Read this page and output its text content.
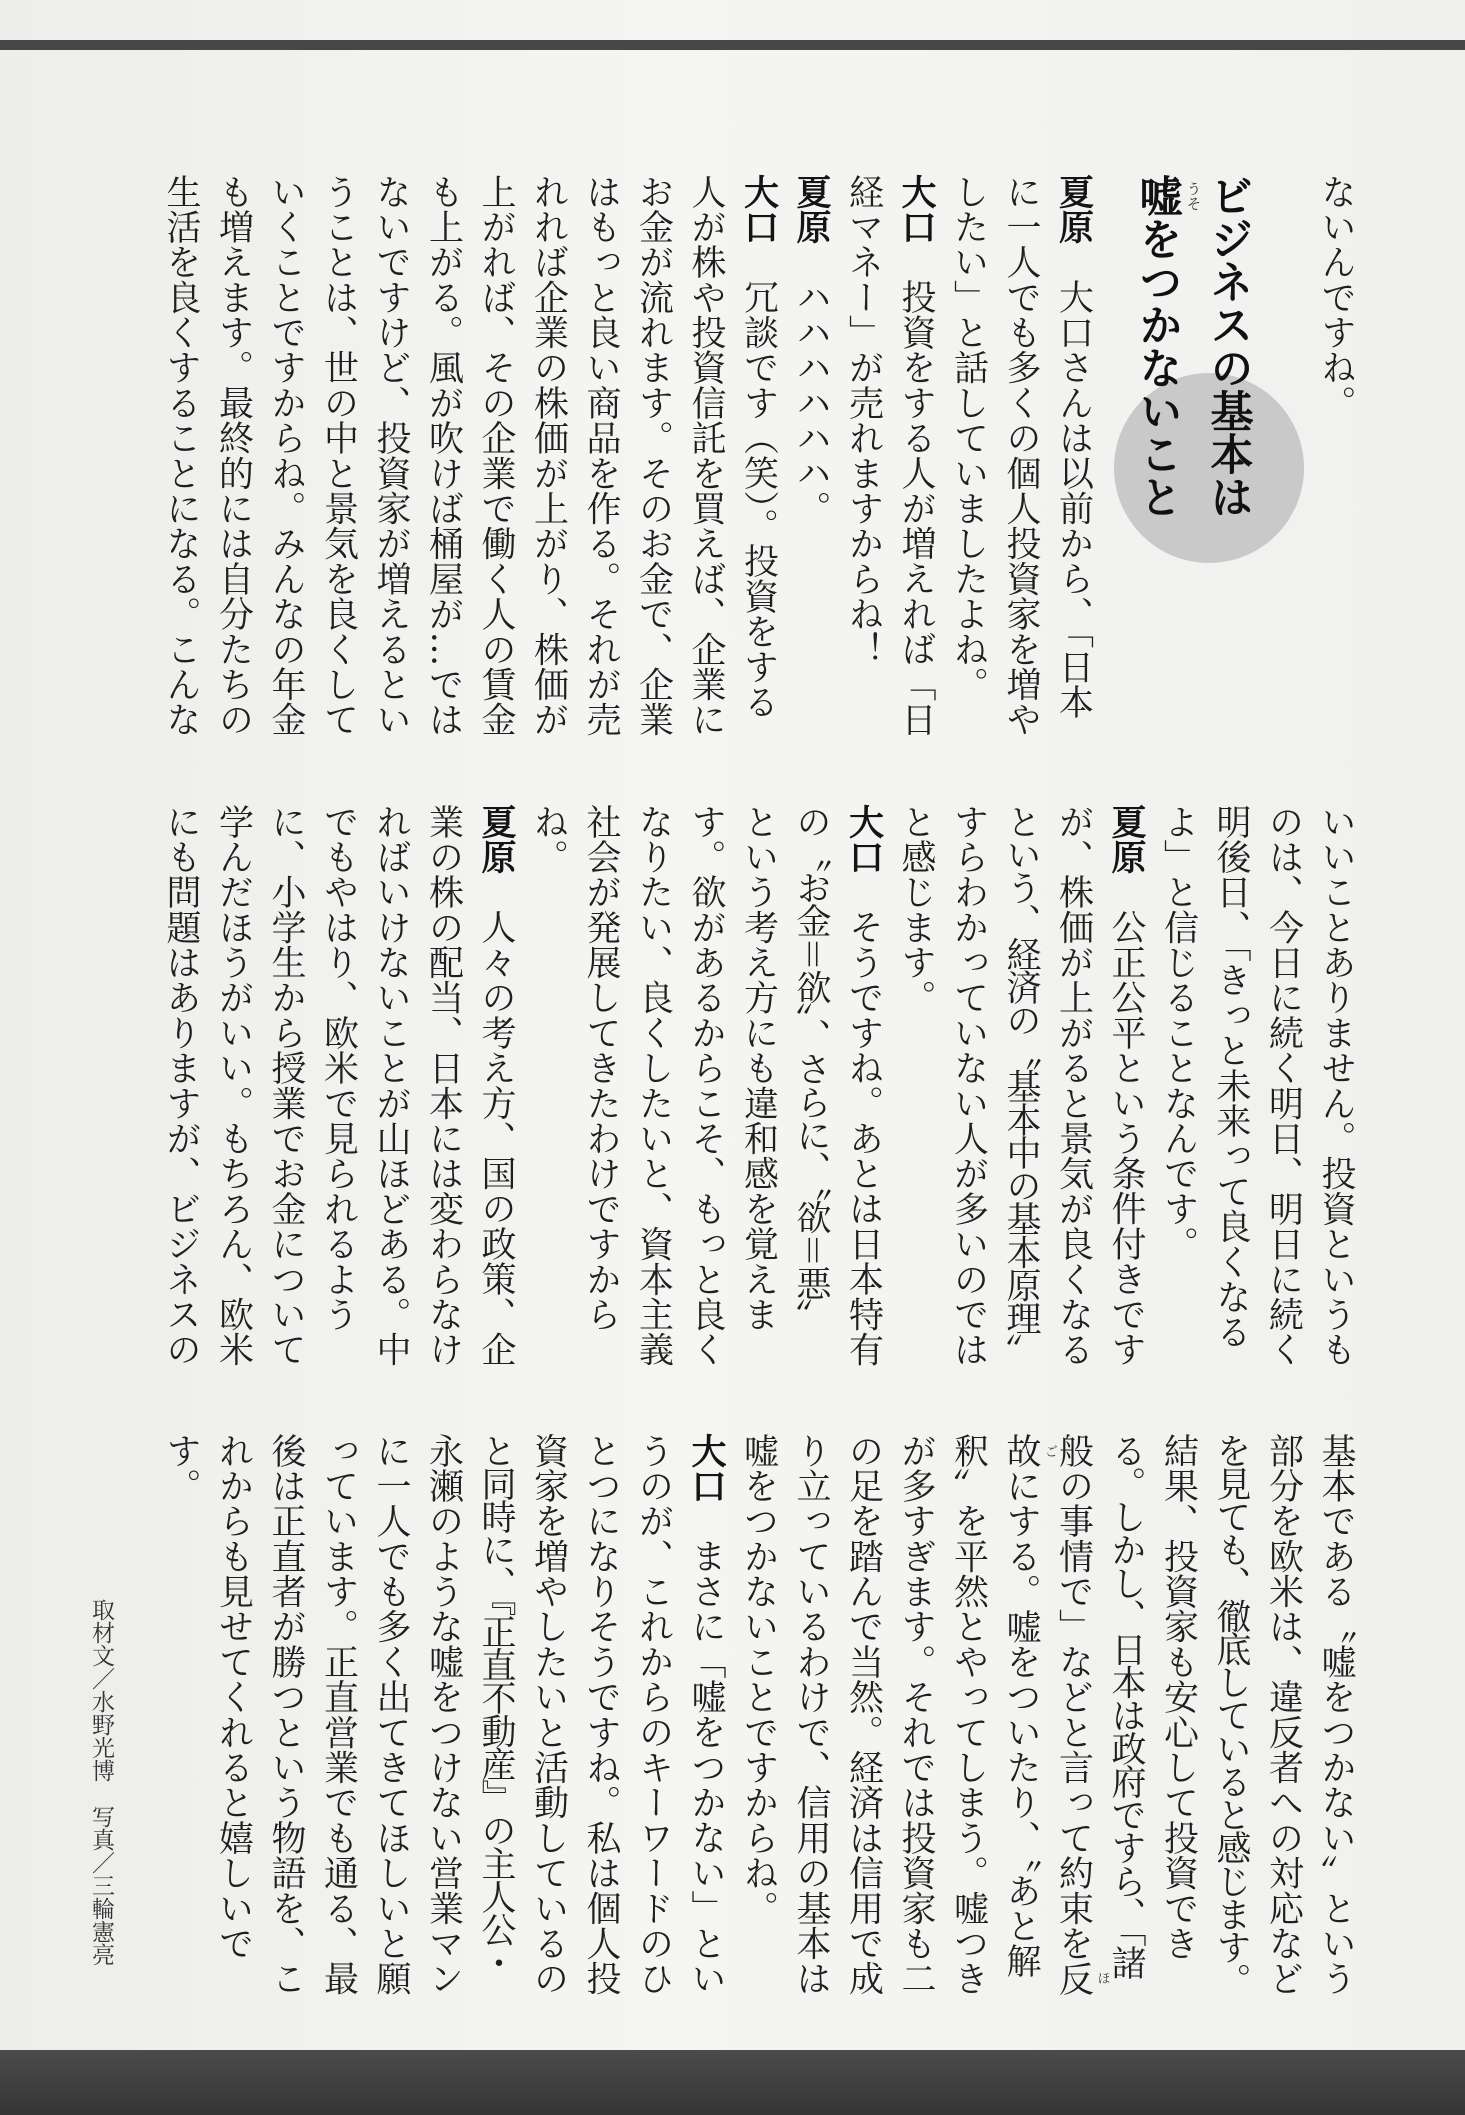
ないんですね。
ビジネスの基本は
嘘 うそ
をつかないこと
夏原大口さんは以前から、「日本
に一人でも多くの個人投資家を増や
したい」と話していましたよね。
大口投資をする人が増えれば「日
経マネー」が売れますからね！
夏原ハハハハハハ。
大口冗談です（笑）。投資をする
人が株や投資信託を買えば、企業に
お金が流れます。そのお金で、企業
はもっと良い商品を作る。それが売
れれば企業の株価が上がり、株価が
上がれば、その企業で働く人の賃金
も上がる。風が吹けば桶屋が…では
ないですけど、投資家が増えるとい
うことは、世の中と景気を良くして
いくことですからね。みんなの年金
も増えます。最終的には自分たちの
生活を良くすることになる。こんな
いいことありません。投資というも
のは、今日に続く明日、明日に続く
明後日、「きっと未来って良くなる
よ」と信じることなんです。
夏原公正公平という条件付きです
が、株価が上がると景気が良くなる
という、経済の〝基本中の基本原理〟
すらわかっていない人が多いのでは
と感じます。
大口そうですね。あとは日本特有
の〝お金＝欲〟、さらに、〝欲＝悪〟
という考え方にも違和感を覚えま
す。欲があるからこそ、もっと良く
なりたい、良くしたいと、資本主義
社会が発展してきたわけですから
ね。
夏原人々の考え方、国の政策、企
業の株の配当、日本には変わらなけ
ればいけないことが山ほどある。中
でもやはり、欧米で見られるよう
に、小学生から授業でお金について
学んだほうがいい。もちろん、欧米
にも問題はありますが、ビジネスの
基本である〝嘘をつかない〟という
部分を欧米は、違反者への対応など
を見ても、徹底していると感じます。
結果、投資家も安心して投資でき
る。しかし、日本は政府ですら、「諸
般の事情で」などと言って約束を反 ほ
故 ご
にする。嘘をついたり、〝あと解
釈〟を平然とやってしまう。嘘つき
が多すぎます。それでは投資家も二
の足を踏んで当然。経済は信用で成
り立っているわけで、信用の基本は
嘘をつかないことですからね。
大口まさに「嘘をつかない」とい
うのが、これからのキーワードのひ
とつになりそうですね。私は個人投
資家を増やしたいと活動しているの
と同時に、『正直不動産』の主人公・
永瀬のような嘘をつけない営業マン
に一人でも多く出てきてほしいと願
っています。正直営業でも通る、最
後は正直者が勝つという物語を、こ
れからも見せてくれると嬉しいで
す。
取材文／水野光博写真／三輪憲亮
